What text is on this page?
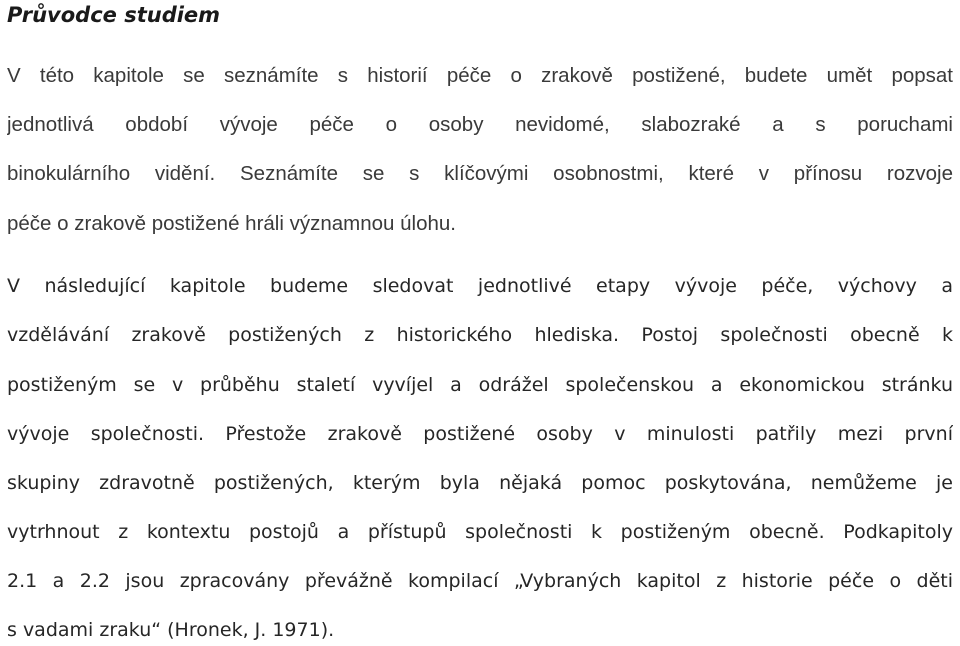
Průvodce studiem
V této kapitole se seznámíte s historií péče o zrakově postižené, budete umět popsat
jednotlivá období vývoje péče o osoby nevidomé, slabozraké a s poruchami
binokulárního vidění. Seznámíte se s klíčovými osobnostmi, které v přínosu rozvoje
péče o zrakově postižené hráli významnou úlohu.
V následující kapitole budeme sledovat jednotlivé etapy vývoje péče, výchovy a
vzdělávání zrakově postižených z historického hlediska. Postoj společnosti obecně k
postiženým se v průběhu staletí vyvíjel a odrážel společenskou a ekonomickou stránku
vývoje společnosti. Přestože zrakově postižené osoby v minulosti patřily mezi první
skupiny zdravotně postižených, kterým byla nějaká pomoc poskytována, nemůžeme je
vytrhnout z kontextu postojů a přístupů společnosti k postiženým obecně. Podkapitoly
2.1 a 2.2 jsou zpracovány převážně kompilací „Vybraných kapitol z historie péče o děti
s vadami zraku“ (Hronek, J. 1971).
